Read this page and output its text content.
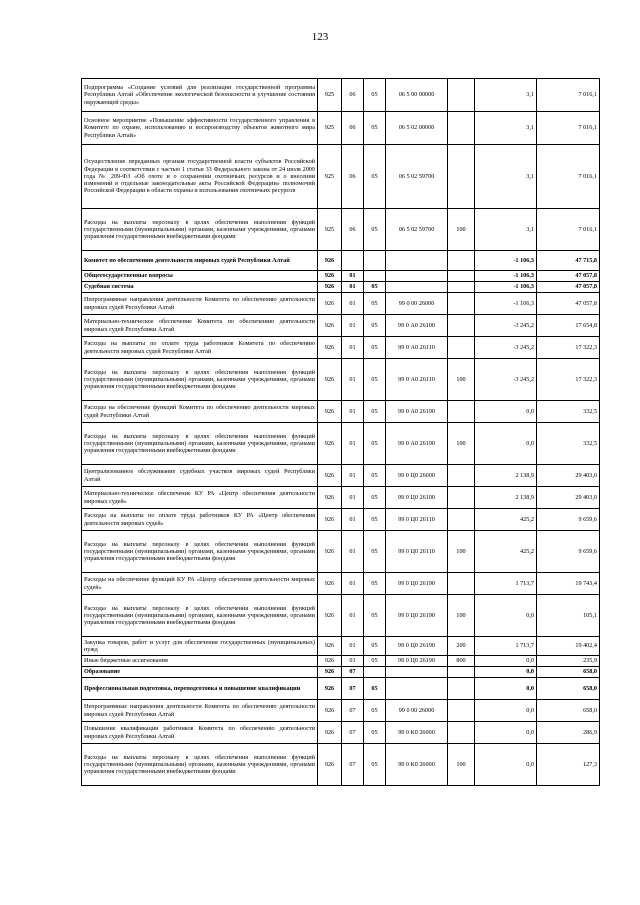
123
Подпрограмма «Создание условий для реализации государственной программы Республики Алтай «Обеспечение экологической безопасности и улучшение состояния окружающей среды»	925	06	05	06 5 00 00000		3,1	7 016,1
Основное мероприятие «Повышение эффективности государственного управления в Комитете по охране, использованию и воспроизводству объектов животного мира Республики Алтай»	925	06	05	06 5 02 00000		3,1	7 016,1
Осуществление переданных органам государственной власти субъектов Российской Федерации в соответствии с частью 1 статьи 33 Федерального закона от 24 июля 2009 года № 209-ФЗ «Об охоте и о сохранении охотничьих ресурсов и о внесении изменений в отдельные законодательные акты Российской Федерации» полномочий Российской Федерации в области охраны и использования охотничьих ресурсов	925	06	05	06 5 02 59700		3,1	7 016,1
Расходы на выплаты персоналу в целях обеспечения выполнения функций государственными (муниципальными) органами, казенными учреждениями, органами управления государственными внебюджетными фондами	925	06	05	06 5 02 59700	100	3,1	7 016,1
Комитет по обеспечению деятельности мировых судей Республики Алтай	926					-1 106,3	47 715,8
Общегосударственные вопросы	926	01				-1 106,3	47 057,8
Судебная система	926	01	05			-1 106,3	47 057,8
Непрограммные направления деятельности Комитета по обеспечению деятельности мировых судей Республики Алтай	926	01	05	99 0 00 26000		-1 106,3	47 057,8
Материально-техническое обеспечение Комитета по обеспечению деятельности мировых судей Республики Алтай	926	01	05	99 0 А0 26100		-3 245,2	17 654,8
Расходы на выплаты по оплате труда работников Комитета по обеспечению деятельности мировых судей Республики Алтай	926	01	05	99 0 А0 26110		-3 245,2	17 322,3
Расходы на выплаты персоналу в целях обеспечения выполнения функций государственными (муниципальными) органами, казенными учреждениями, органами управления государственными внебюджетными фондами	926	01	05	99 0 А0 26110	100	-3 245,2	17 322,3
Расходы на обеспечение функций Комитета по обеспечению деятельности мировых судей Республики Алтай	926	01	05	99 0 А0 26190		0,0	332,5
Расходы на выплаты персоналу в целях обеспечения выполнения функций государственными (муниципальными) органами, казенными учреждениями, органами управления государственными внебюджетными фондами	926	01	05	99 0 А0 26190	100	0,0	332,5
Централизованное обслуживание судебных участков мировых судей Республики Алтай	926	01	05	99 0 Ц0 26000		2 138,9	29 403,0
Материально-техническое обеспечение КУ РА «Центр обеспечения деятельности мировых судей»	926	01	05	99 0 Ц0 26100		2 138,9	29 403,0
Расходы на выплаты по оплате труда работников КУ РА «Центр обеспечения деятельности мировых судей»	926	01	05	99 0 Ц0 26110		425,2	9 659,6
Расходы на выплаты персоналу в целях обеспечения выполнения функций государственными (муниципальными) органами, казенными учреждениями, органами управления государственными внебюджетными фондами	926	01	05	99 0 Ц0 26110	100	425,2	9 659,6
Расходы на обеспечение функций КУ РА «Центр обеспечения деятельности мировых судей»	926	01	05	99 0 Ц0 26190		1 713,7	19 743,4
Расходы на выплаты персоналу в целях обеспечения выполнения функций государственными (муниципальными) органами, казенными учреждениями, органами управления государственными внебюджетными фондами	926	01	05	99 0 Ц0 26190	100	0,0	105,1
Закупка товаров, работ и услуг для обеспечения государственных (муниципальных) нужд	926	01	05	99 0 Ц0 26190	200	1 713,7	19 402,4
Иные бюджетные ассигнования	926	01	05	99 0 Ц0 26190	800	0,0	235,9
Образование	926	07				0,0	658,0
Профессиональная подготовка, переподготовка и повышение квалификации	926	07	05			0,0	658,0
Непрограммные направления деятельности Комитета по обеспечению деятельности мировых судей Республики Алтай	926	07	05	99 0 00 26000		0,0	658,0
Повышение квалификации работников Комитета по обеспечению деятельности мировых судей Республики Алтай	926	07	05	99 0 К0 26000		0,0	286,9
Расходы на выплаты персоналу в целях обеспечения выполнения функций государственными (муниципальными) органами, казенными учреждениями, органами управления государственными внебюджетными фондами	926	07	05	99 0 К0 26000	100	0,0	127,3
